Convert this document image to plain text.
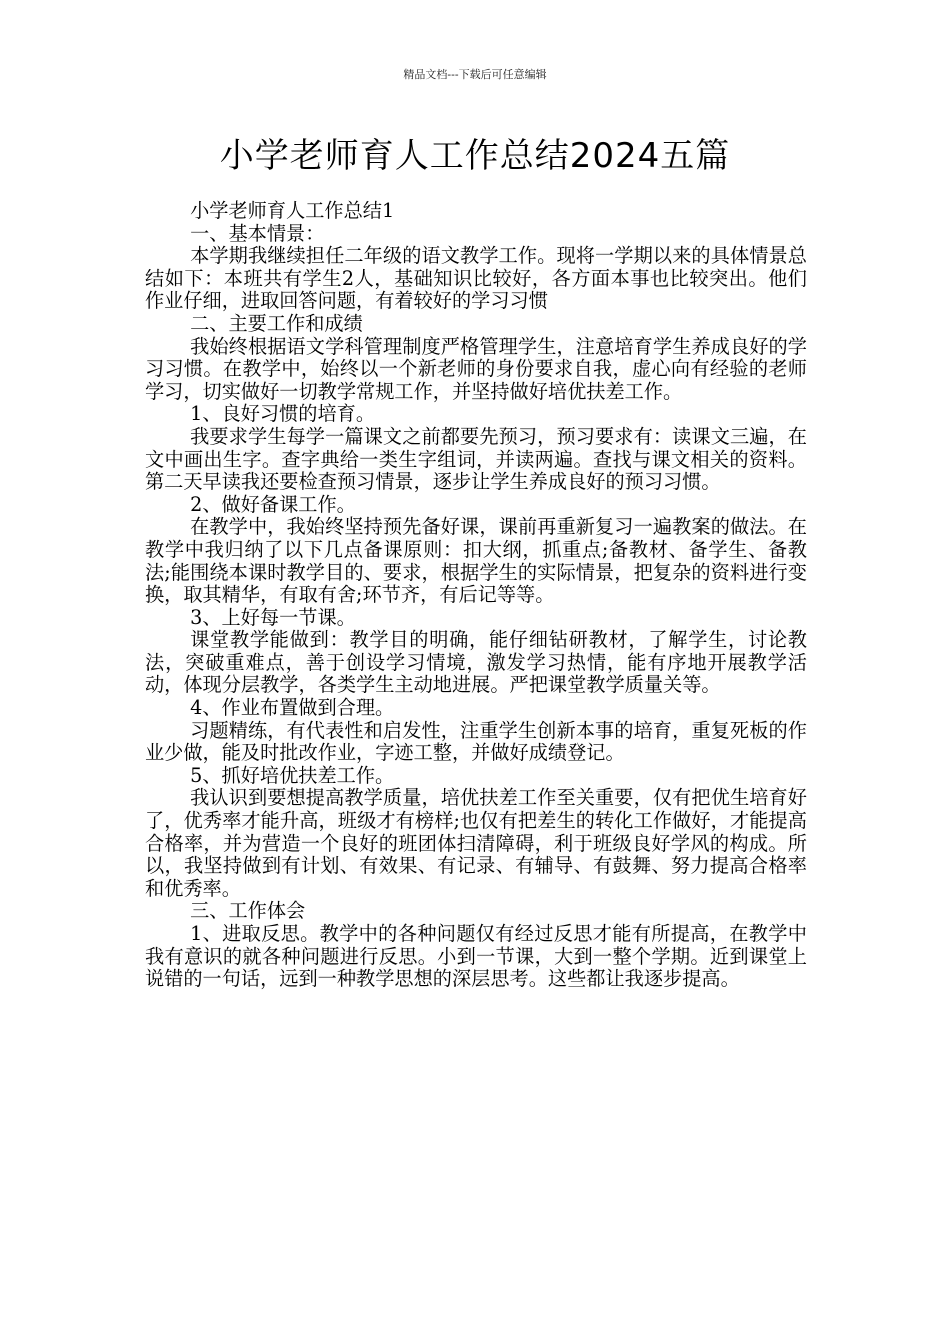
精品文档---下载后可任意编辑
小学老师育人工作总结2024五篇

小学老师育人工作总结1

一、基本情景：

本学期我继续担任二年级的语文教学工作。现将一学期以来的具体情景总结如下：本班共有学生2人，基础知识比较好，各方面本事也比较突出。他们作业仔细，进取回答问题，有着较好的学习习惯

二、主要工作和成绩

我始终根据语文学科管理制度严格管理学生，注意培育学生养成良好的学习习惯。在教学中，始终以一个新老师的身份要求自我，虚心向有经验的老师学习，切实做好一切教学常规工作，并坚持做好培优扶差工作。

1、良好习惯的培育。

我要求学生每学一篇课文之前都要先预习，预习要求有：读课文三遍，在文中画出生字。查字典给一类生字组词，并读两遍。查找与课文相关的资料。第二天早读我还要检查预习情景，逐步让学生养成良好的预习习惯。

2、做好备课工作。

在教学中，我始终坚持预先备好课，课前再重新复习一遍教案的做法。在教学中我归纳了以下几点备课原则：扣大纲，抓重点;备教材、备学生、备教法;能围绕本课时教学目的、要求，根据学生的实际情景，把复杂的资料进行变换，取其精华，有取有舍;环节齐，有后记等等。

3、上好每一节课。

课堂教学能做到：教学目的明确，能仔细钻研教材，了解学生，讨论教法，突破重难点，善于创设学习情境，激发学习热情，能有序地开展教学活动，体现分层教学，各类学生主动地进展。严把课堂教学质量关等。

4、作业布置做到合理。

习题精练，有代表性和启发性，注重学生创新本事的培育，重复死板的作业少做，能及时批改作业，字迹工整，并做好成绩登记。

5、抓好培优扶差工作。

我认识到要想提高教学质量，培优扶差工作至关重要，仅有把优生培育好了，优秀率才能升高，班级才有榜样;也仅有把差生的转化工作做好，才能提高合格率，并为营造一个良好的班团体扫清障碍，利于班级良好学风的构成。所以，我坚持做到有计划、有效果、有记录、有辅导、有鼓舞、努力提高合格率和优秀率。

三、工作体会

1、进取反思。教学中的各种问题仅有经过反思才能有所提高，在教学中我有意识的就各种问题进行反思。小到一节课，大到一整个学期。近到课堂上说错的一句话，远到一种教学思想的深层思考。这些都让我逐步提高。
